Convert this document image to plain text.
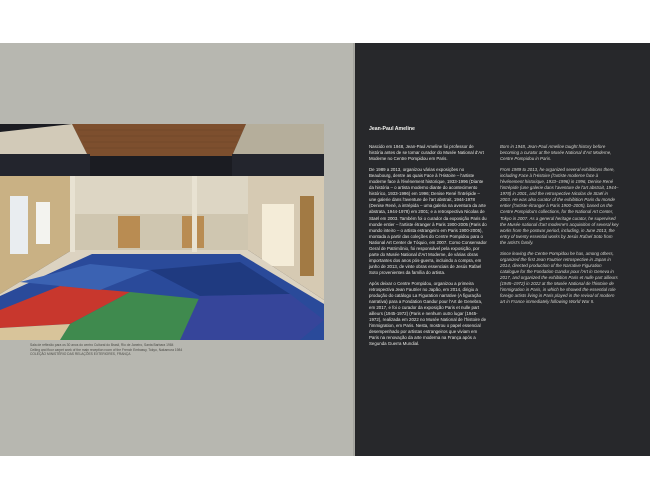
Sala de reflexão para os 30 anos do centro Cultural do Brasil, Rio de Janeiro, Santa Barbara 1984
Ceiling and floor carpet work of the main reception room of the French Embassy, Tokyo, Nakamura 1984
COLEÇÃO MINISTÉRIO DAS RELAÇÕES EXTERIORES, FRANÇA
Jean-Paul Ameline

Nascido em 1948, Jean-Paul Ameline foi professor de história antes de se tornar curador do Musée National d'Art Moderne no Centre Pompidou em Paris.

De 1989 a 2013, organizou várias exposições no Beaubourg, dentre as quais Face à l'Histoire – l'artiste moderne face à l'événement historique, 1933-1996 (Diante da história – o artista moderno diante do acontecimento histórico, 1933-1996) em 1996; Denise René l'intrépide – une galerie dans l'aventure de l'art abstrait, 1944-1978 (Denise René, a intrépida – uma galeria na aventura da arte abstrata, 1944-1978) em 2001; e a retrospectiva Nicolas de Staël em 2003. Também foi o curador da exposição Paris du monde entier – l'artiste étranger à Paris 1900-2005 (Paris do mundo inteiro – o artista estrangeiro em Paris 1900-2005), montada a partir das coleções do Centre Pompidou para o National Art Center de Tóquio, em 2007. Como Conservador Geral de Patrimônio, foi responsável pela exposição, por parte do Musée National d'Art Moderne, de várias obras importantes dos anos pós-guerra, incluindo a compra, em junho de 2013, de vinte obras essenciais de Jesús Rafael Soto provenientes da família do artista.

Após deixar o Centre Pompidou, organizou a primeira retrospectiva Jean Fautrier no Japão, em 2014, dirigiu a produção do catálogo La Figuration narrative (A figuração narrativa) para a Fondation Gandur pour l'Art de Genebra, em 2017, e foi o curador da exposição Paris et nulle part ailleurs (1945-1972) (Paris e nenhum outro lugar (1945-1972), realizada em 2022 no Musée National de l'histoire de l'immigration, em Paris. Nesta, mostrou o papel essencial desempenhado por artistas estrangeiros que viviam em Paris na renovação da arte moderna na França após a Segunda Guerra Mundial.

Born in 1948, Jean-Paul Ameline taught history before becoming a curator at the Musée National d'Art Moderne, Centre Pompidou in Paris.

From 1989 to 2013, he organized several exhibitions there, including Face à l'Histoire (l'artiste moderne face à l'événement historique, 1933–1996) in 1996, Denise René l'intrépide (une galerie dans l'aventure de l'art abstrait, 1944–1978) in 2001, and the retrospective Nicolas de Staël in 2003. He was also curator of the exhibition Paris du monde entier (l'artiste étranger à Paris 1900–2005), based on the Centre Pompidou's collections, for the National Art Center, Tokyo in 2007. As a general heritage curator, he supervised the Musée national d'art moderne's acquisition of several key works from the postwar period, including, in June 2013, the entry of twenty essential works by Jesús Rafael Soto from the artist's family.

Since leaving the Centre Pompidou he has, among others, organized the first Jean Fautrier retrospective in Japan in 2014, directed production of the Narrative Figuration catalogue for the Fondation Gandur pour l'Art in Geneva in 2017, and organized the exhibition Paris et nulle part ailleurs (1945–1972) in 2022 at the Musée National de l'histoire de l'immigration in Paris, in which he showed the essential role foreign artists living in Paris played in the revival of modern art in France immediately following World War II.
